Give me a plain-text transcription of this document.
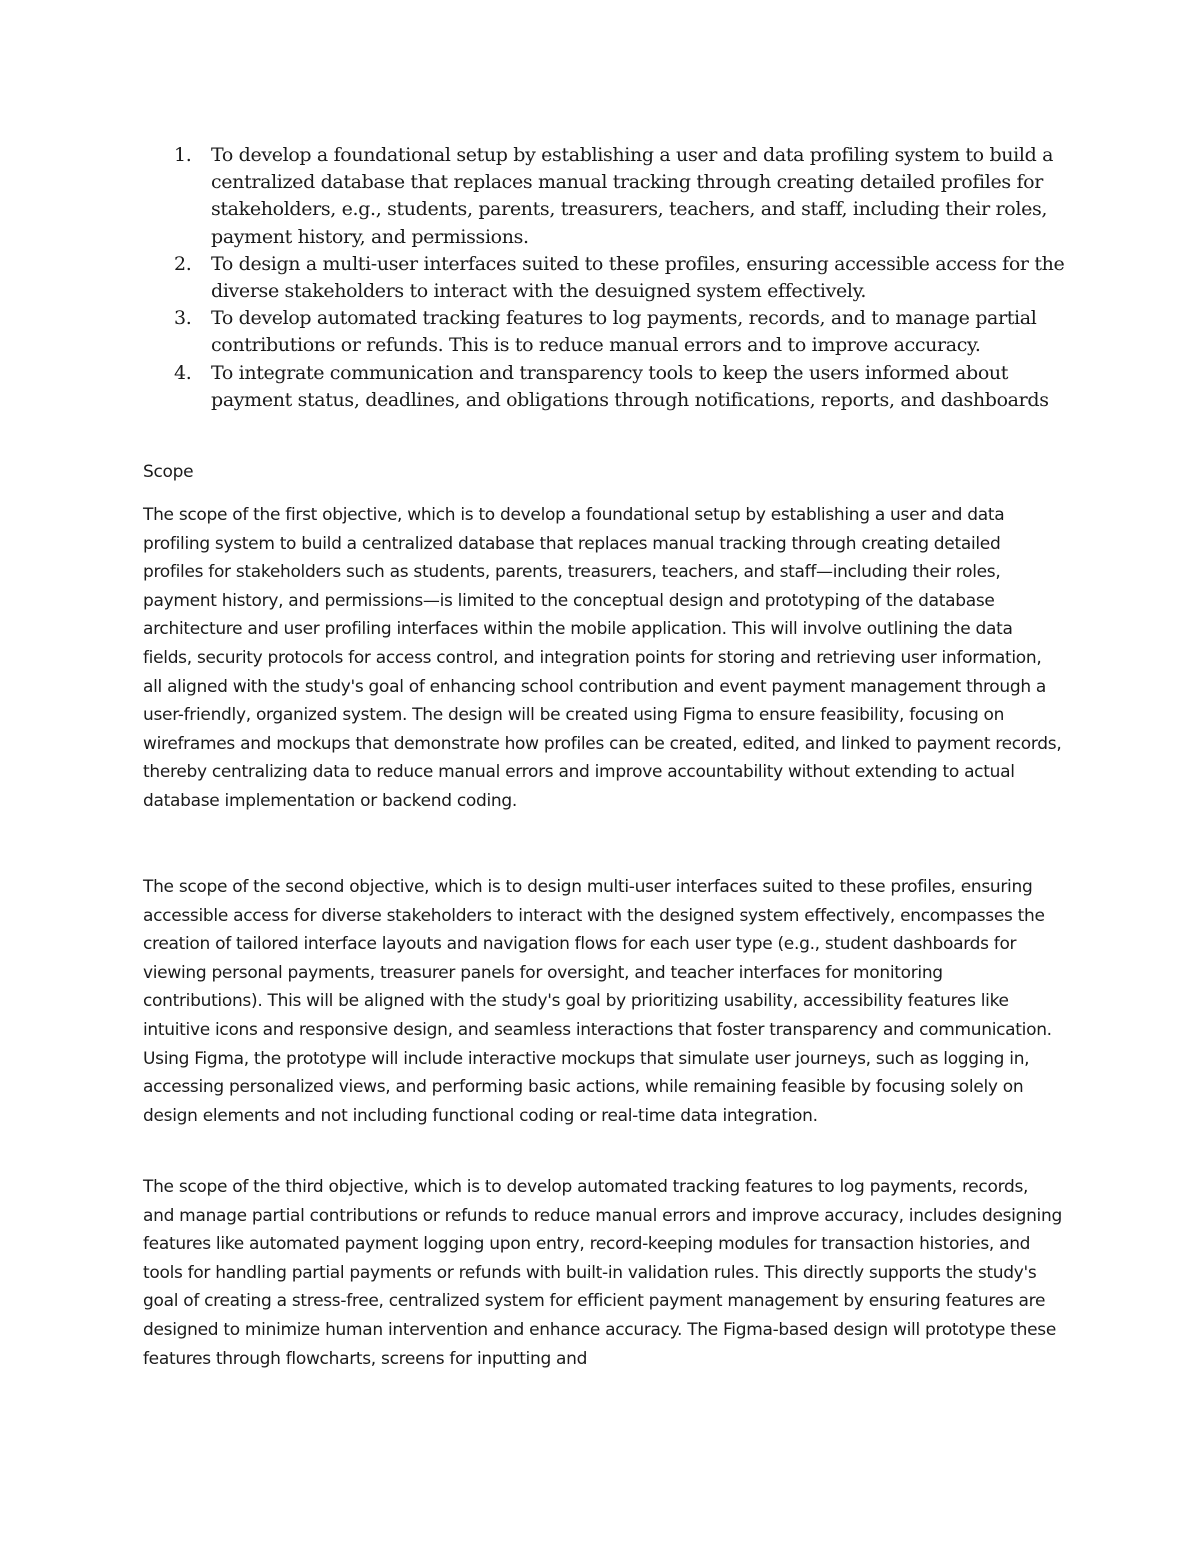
1. To develop a foundational setup by establishing a user and data profiling system to build a centralized database that replaces manual tracking through creating detailed profiles for stakeholders, e.g., students, parents, treasurers, teachers, and staff, including their roles, payment history, and permissions.
2. To design a multi-user interfaces suited to these profiles, ensuring accessible access for the diverse stakeholders to interact with the desuigned system effectively.
3. To develop automated tracking features to log payments, records, and to manage partial contributions or refunds. This is to reduce manual errors and to improve accuracy.
4. To integrate communication and transparency tools to keep the users informed about payment status, deadlines, and obligations through notifications, reports, and dashboards
Scope

The scope of the first objective, which is to develop a foundational setup by establishing a user and data profiling system to build a centralized database that replaces manual tracking through creating detailed profiles for stakeholders such as students, parents, treasurers, teachers, and staff—including their roles, payment history, and permissions—is limited to the conceptual design and prototyping of the database architecture and user profiling interfaces within the mobile application. This will involve outlining the data fields, security protocols for access control, and integration points for storing and retrieving user information, all aligned with the study's goal of enhancing school contribution and event payment management through a user-friendly, organized system. The design will be created using Figma to ensure feasibility, focusing on wireframes and mockups that demonstrate how profiles can be created, edited, and linked to payment records, thereby centralizing data to reduce manual errors and improve accountability without extending to actual database implementation or backend coding.

The scope of the second objective, which is to design multi-user interfaces suited to these profiles, ensuring accessible access for diverse stakeholders to interact with the designed system effectively, encompasses the creation of tailored interface layouts and navigation flows for each user type (e.g., student dashboards for viewing personal payments, treasurer panels for oversight, and teacher interfaces for monitoring contributions). This will be aligned with the study's goal by prioritizing usability, accessibility features like intuitive icons and responsive design, and seamless interactions that foster transparency and communication. Using Figma, the prototype will include interactive mockups that simulate user journeys, such as logging in, accessing personalized views, and performing basic actions, while remaining feasible by focusing solely on design elements and not including functional coding or real-time data integration.

The scope of the third objective, which is to develop automated tracking features to log payments, records, and manage partial contributions or refunds to reduce manual errors and improve accuracy, includes designing features like automated payment logging upon entry, record-keeping modules for transaction histories, and tools for handling partial payments or refunds with built-in validation rules. This directly supports the study's goal of creating a stress-free, centralized system for efficient payment management by ensuring features are designed to minimize human intervention and enhance accuracy. The Figma-based design will prototype these features through flowcharts, screens for inputting and
